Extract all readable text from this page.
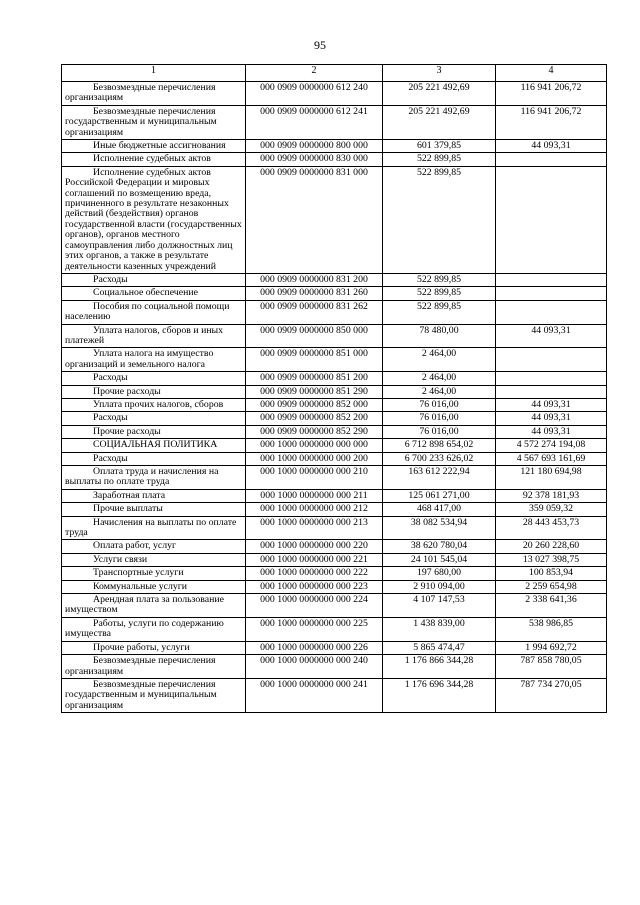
95
1	2	3	4
Безвозмездные перечисления организациям	000 0909 0000000 612 240	205 221 492,69	116 941 206,72
Безвозмездные перечисления государственным и муниципальным организациям	000 0909 0000000 612 241	205 221 492,69	116 941 206,72
Иные бюджетные ассигнования	000 0909 0000000 800 000	601 379,85	44 093,31
Исполнение судебных актов	000 0909 0000000 830 000	522 899,85	
Исполнение судебных актов Российской Федерации и мировых соглашений по возмещению вреда, причиненного в результате незаконных действий (бездействия) органов государственной власти (государственных органов), органов местного самоуправления либо должностных лиц этих органов, а также в результате деятельности казенных учреждений	000 0909 0000000 831 000	522 899,85	
Расходы	000 0909 0000000 831 200	522 899,85	
Социальное обеспечение	000 0909 0000000 831 260	522 899,85	
Пособия по социальной помощи населению	000 0909 0000000 831 262	522 899,85	
Уплата налогов, сборов и иных платежей	000 0909 0000000 850 000	78 480,00	44 093,31
Уплата налога на имущество организаций и земельного налога	000 0909 0000000 851 000	2 464,00	
Расходы	000 0909 0000000 851 200	2 464,00	
Прочие расходы	000 0909 0000000 851 290	2 464,00	
Уплата прочих налогов, сборов	000 0909 0000000 852 000	76 016,00	44 093,31
Расходы	000 0909 0000000 852 200	76 016,00	44 093,31
Прочие расходы	000 0909 0000000 852 290	76 016,00	44 093,31
СОЦИАЛЬНАЯ ПОЛИТИКА	000 1000 0000000 000 000	6 712 898 654,02	4 572 274 194,08
Расходы	000 1000 0000000 000 200	6 700 233 626,02	4 567 693 161,69
Оплата труда и начисления на выплаты по оплате труда	000 1000 0000000 000 210	163 612 222,94	121 180 694,98
Заработная плата	000 1000 0000000 000 211	125 061 271,00	92 378 181,93
Прочие выплаты	000 1000 0000000 000 212	468 417,00	359 059,32
Начисления на выплаты по оплате труда	000 1000 0000000 000 213	38 082 534,94	28 443 453,73
Оплата работ, услуг	000 1000 0000000 000 220	38 620 780,04	20 260 228,60
Услуги связи	000 1000 0000000 000 221	24 101 545,04	13 027 398,75
Транспортные услуги	000 1000 0000000 000 222	197 680,00	100 853,94
Коммунальные услуги	000 1000 0000000 000 223	2 910 094,00	2 259 654,98
Арендная плата за пользование имуществом	000 1000 0000000 000 224	4 107 147,53	2 338 641,36
Работы, услуги по содержанию имущества	000 1000 0000000 000 225	1 438 839,00	538 986,85
Прочие работы, услуги	000 1000 0000000 000 226	5 865 474,47	1 994 692,72
Безвозмездные перечисления организациям	000 1000 0000000 000 240	1 176 866 344,28	787 858 780,05
Безвозмездные перечисления государственным и муниципальным организациям	000 1000 0000000 000 241	1 176 696 344,28	787 734 270,05
